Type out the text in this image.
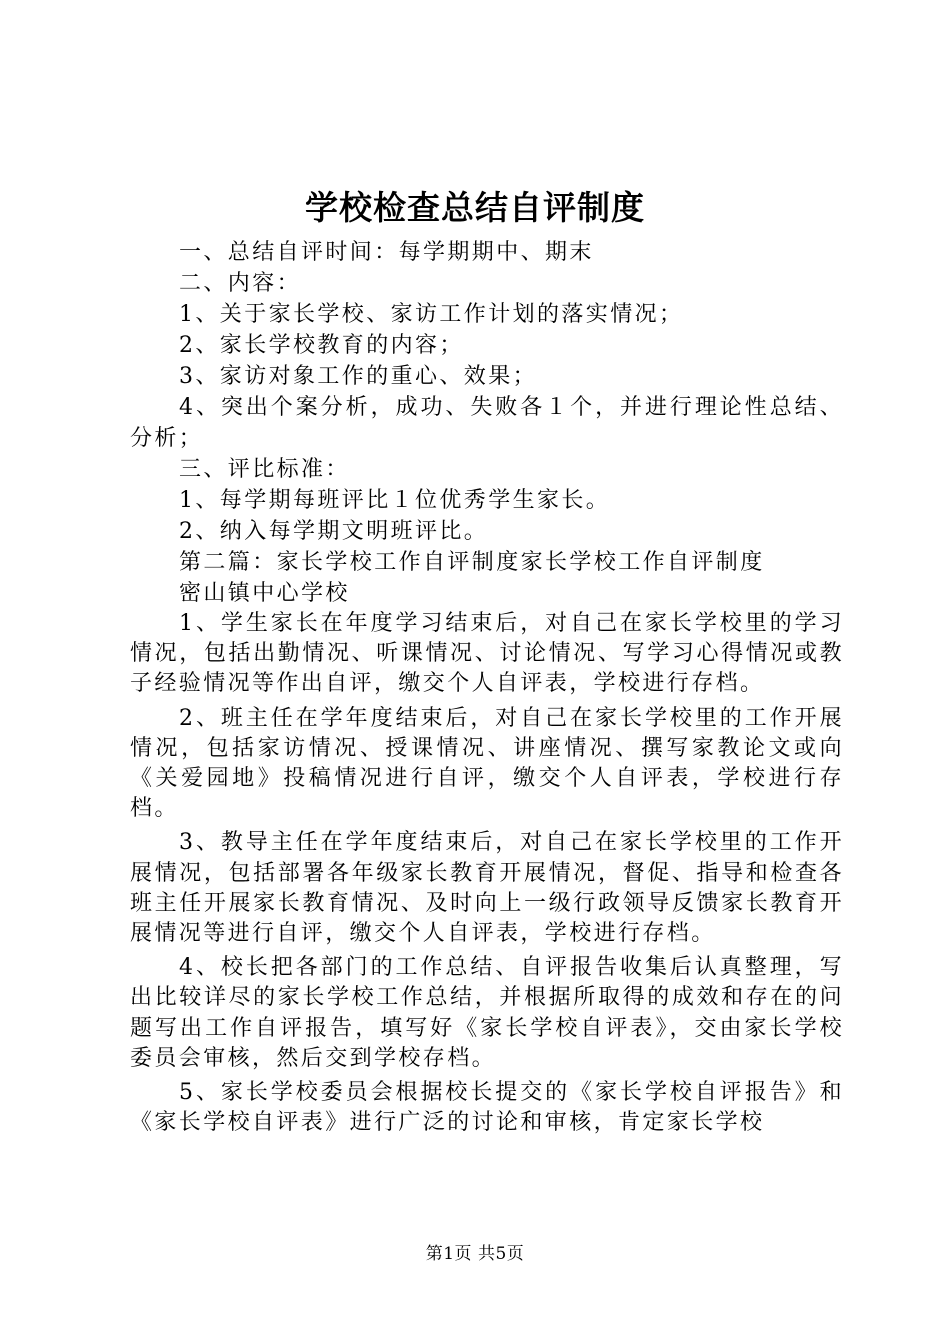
学校检查总结自评制度

一、总结自评时间：每学期期中、期末

二、内容：

1、关于家长学校、家访工作计划的落实情况；

2、家长学校教育的内容；

3、家访对象工作的重心、效果；

4、突出个案分析，成功、失败各１个，并进行理论性总结、分析；

三、评比标准：

1、每学期每班评比１位优秀学生家长。

2、纳入每学期文明班评比。

第二篇：家长学校工作自评制度家长学校工作自评制度

密山镇中心学校

1、学生家长在年度学习结束后，对自己在家长学校里的学习情况，包括出勤情况、听课情况、讨论情况、写学习心得情况或教子经验情况等作出自评，缴交个人自评表，学校进行存档。

2、班主任在学年度结束后，对自己在家长学校里的工作开展情况，包括家访情况、授课情况、讲座情况、撰写家教论文或向《关爱园地》投稿情况进行自评，缴交个人自评表，学校进行存档。

3、教导主任在学年度结束后，对自己在家长学校里的工作开展情况，包括部署各年级家长教育开展情况，督促、指导和检查各班主任开展家长教育情况、及时向上一级行政领导反馈家长教育开展情况等进行自评，缴交个人自评表，学校进行存档。

4、校长把各部门的工作总结、自评报告收集后认真整理，写出比较详尽的家长学校工作总结，并根据所取得的成效和存在的问题写出工作自评报告，填写好《家长学校自评表》，交由家长学校委员会审核，然后交到学校存档。

5、家长学校委员会根据校长提交的《家长学校自评报告》和《家长学校自评表》进行广泛的讨论和审核，肯定家长学校

第1页 共5页
